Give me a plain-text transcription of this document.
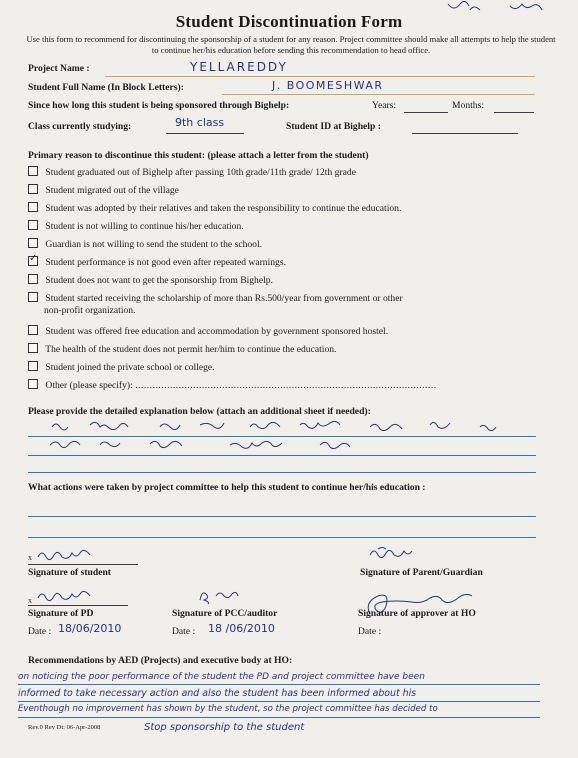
Student Discontinuation Form
Use this form to recommend for discontinuing the sponsorship of a student for any reason. Project committee should make all attempts to help the student to continue her/his education before sending this recommendation to head office.
Project Name :	YELLAREDDY
Student Full Name (In Block Letters):	J. BOOMESHWAR
Since how long this student is being sponsored through Bighelp:	Years:	Months:
Class currently studying:	9th class	Student ID at Bighelp :
Primary reason to discontinue this student: (please attach a letter from the student)
Student graduated out of Bighelp after passing 10th grade/11th grade/ 12th grade
Student migrated out of the village
Student was adopted by their relatives and taken the responsibility to continue the education.
Student is not willing to continue his/her education.
Guardian is not willing to send the student to the school.
✓ Student performance is not good even after repeated warnings.
Student does not want to get the sponsorship from Bighelp.
Student started receiving the scholarship of more than Rs.500/year from government or other
non-profit organization.
Student was offered free education and accommodation by government sponsored hostel.
The health of the student does not permit her/him to continue the education.
Student joined the private school or college.
Other (please specify): ........................................................................................................
Please provide the detailed explanation below (attach an additional sheet if needed):
What actions were taken by project committee to help this student to continue her/his education :
x
Signature of student	Signature of Parent/Guardian
x
Signature of PD	Signature of PCC/auditor	Signature of approver at HO
Date : 18/06/2010	Date : 18 /06/2010	Date :
Recommendations by AED (Projects) and executive body at HO:
on noticing the poor performance of the student the PD and project committee have been
informed to take necessary action and also the student has been informed about his
Eventhough no improvement has shown by the student, so the project committee has decided to
Stop sponsorship to the student
Rev.0 Rev Dt: 06-Apr-2008
